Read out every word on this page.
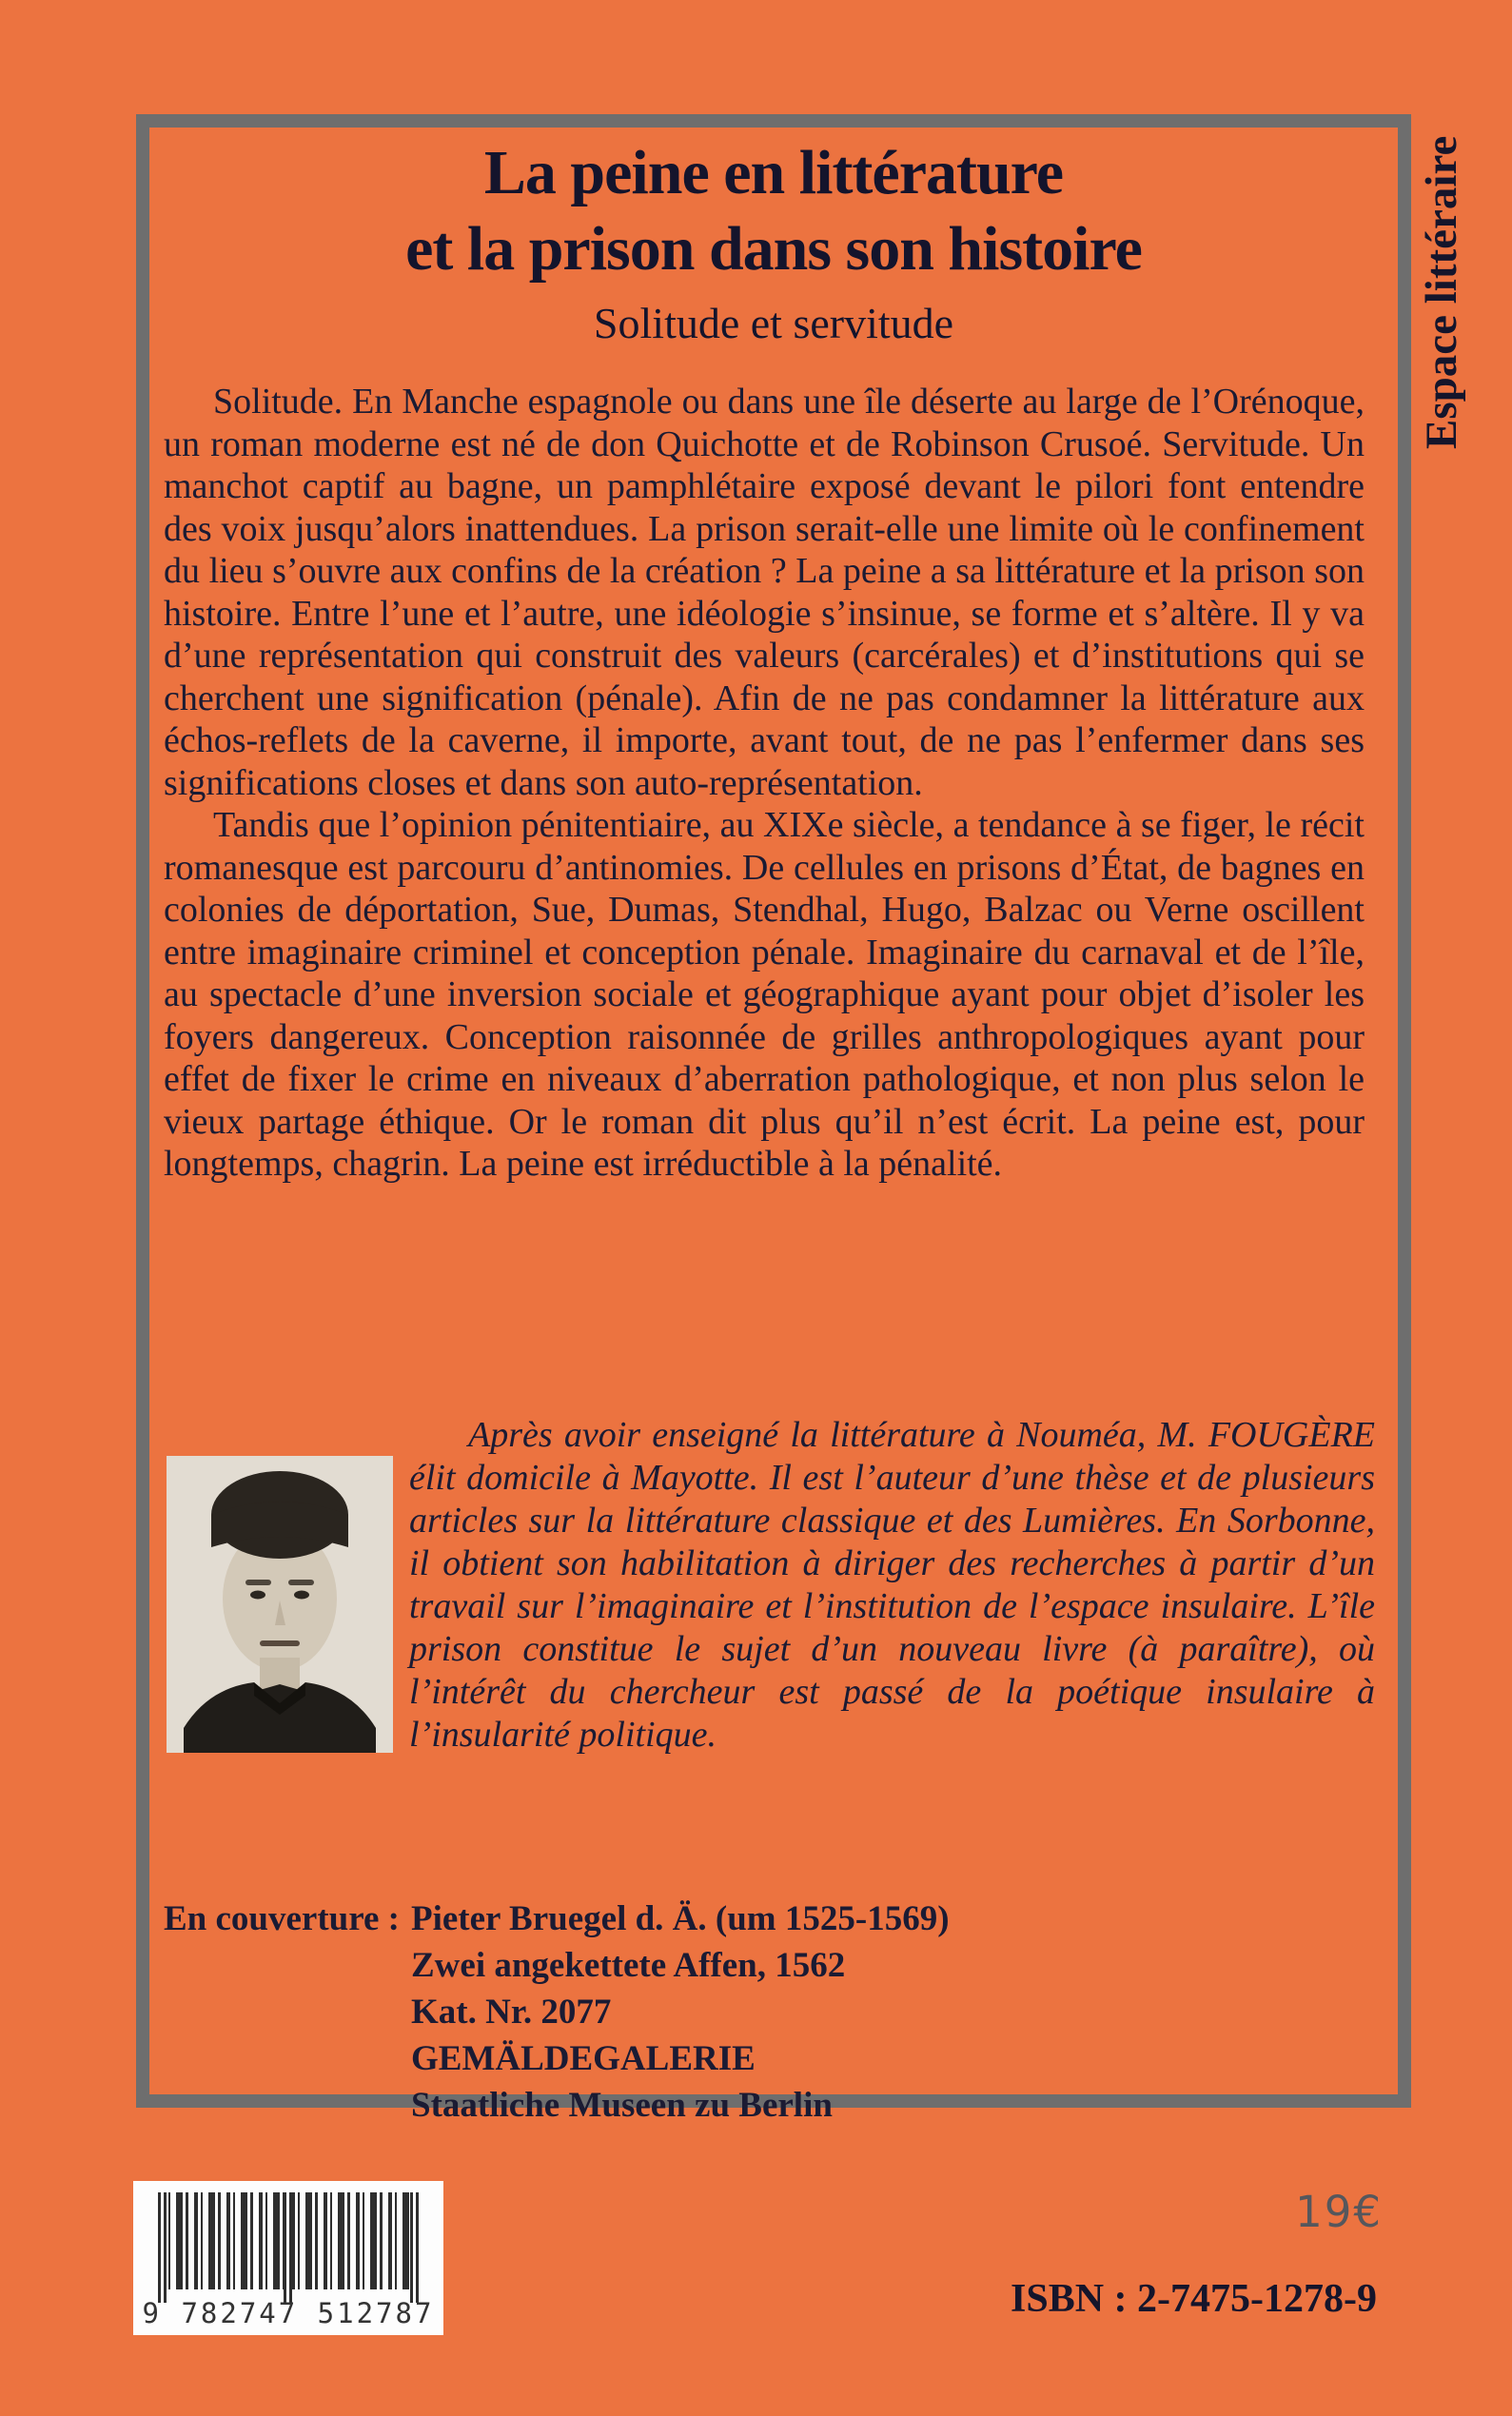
Espace littéraire
La peine en littérature
et la prison dans son histoire
Solitude et servitude

Solitude. En Manche espagnole ou dans une île déserte au large de l’Orénoque, un roman moderne est né de don Quichotte et de Robinson Crusoé. Servitude. Un manchot captif au bagne, un pamphlétaire exposé devant le pilori font entendre des voix jusqu’alors inattendues. La prison serait-elle une limite où le confinement du lieu s’ouvre aux confins de la création ? La peine a sa littérature et la prison son histoire. Entre l’une et l’autre, une idéologie s’insinue, se forme et s’altère. Il y va d’une représentation qui construit des valeurs (carcérales) et d’institutions qui se cherchent une signification (pénale). Afin de ne pas condamner la littérature aux échos-reflets de la caverne, il importe, avant tout, de ne pas l’enfermer dans ses significations closes et dans son auto-représentation.

Tandis que l’opinion pénitentiaire, au XIXe siècle, a tendance à se figer, le récit romanesque est parcouru d’antinomies. De cellules en prisons d’État, de bagnes en colonies de déportation, Sue, Dumas, Stendhal, Hugo, Balzac ou Verne oscillent entre imaginaire criminel et conception pénale. Imaginaire du carnaval et de l’île, au spectacle d’une inversion sociale et géographique ayant pour objet d’isoler les foyers dangereux. Conception raisonnée de grilles anthropologiques ayant pour effet de fixer le crime en niveaux d’aberration pathologique, et non plus selon le vieux partage éthique. Or le roman dit plus qu’il n’est écrit. La peine est, pour longtemps, chagrin. La peine est irréductible à la pénalité.

Après avoir enseigné la littérature à Nouméa, M. FOUGÈRE élit domicile à Mayotte. Il est l’auteur d’une thèse et de plusieurs articles sur la littérature classique et des Lumières. En Sorbonne, il obtient son habilitation à diriger des recherches à partir d’un travail sur l’imaginaire et l’institution de l’espace insulaire. L’île prison constitue le sujet d’un nouveau livre (à paraître), où l’intérêt du chercheur est passé de la poétique insulaire à l’insularité politique.
En couverture : Pieter Bruegel d. Ä. (um 1525-1569)
Zwei angekettete Affen, 1562
Kat. Nr. 2077
GEMÄLDEGALERIE
Staatliche Museen zu Berlin
9 782747 512787
19€
ISBN : 2-7475-1278-9
